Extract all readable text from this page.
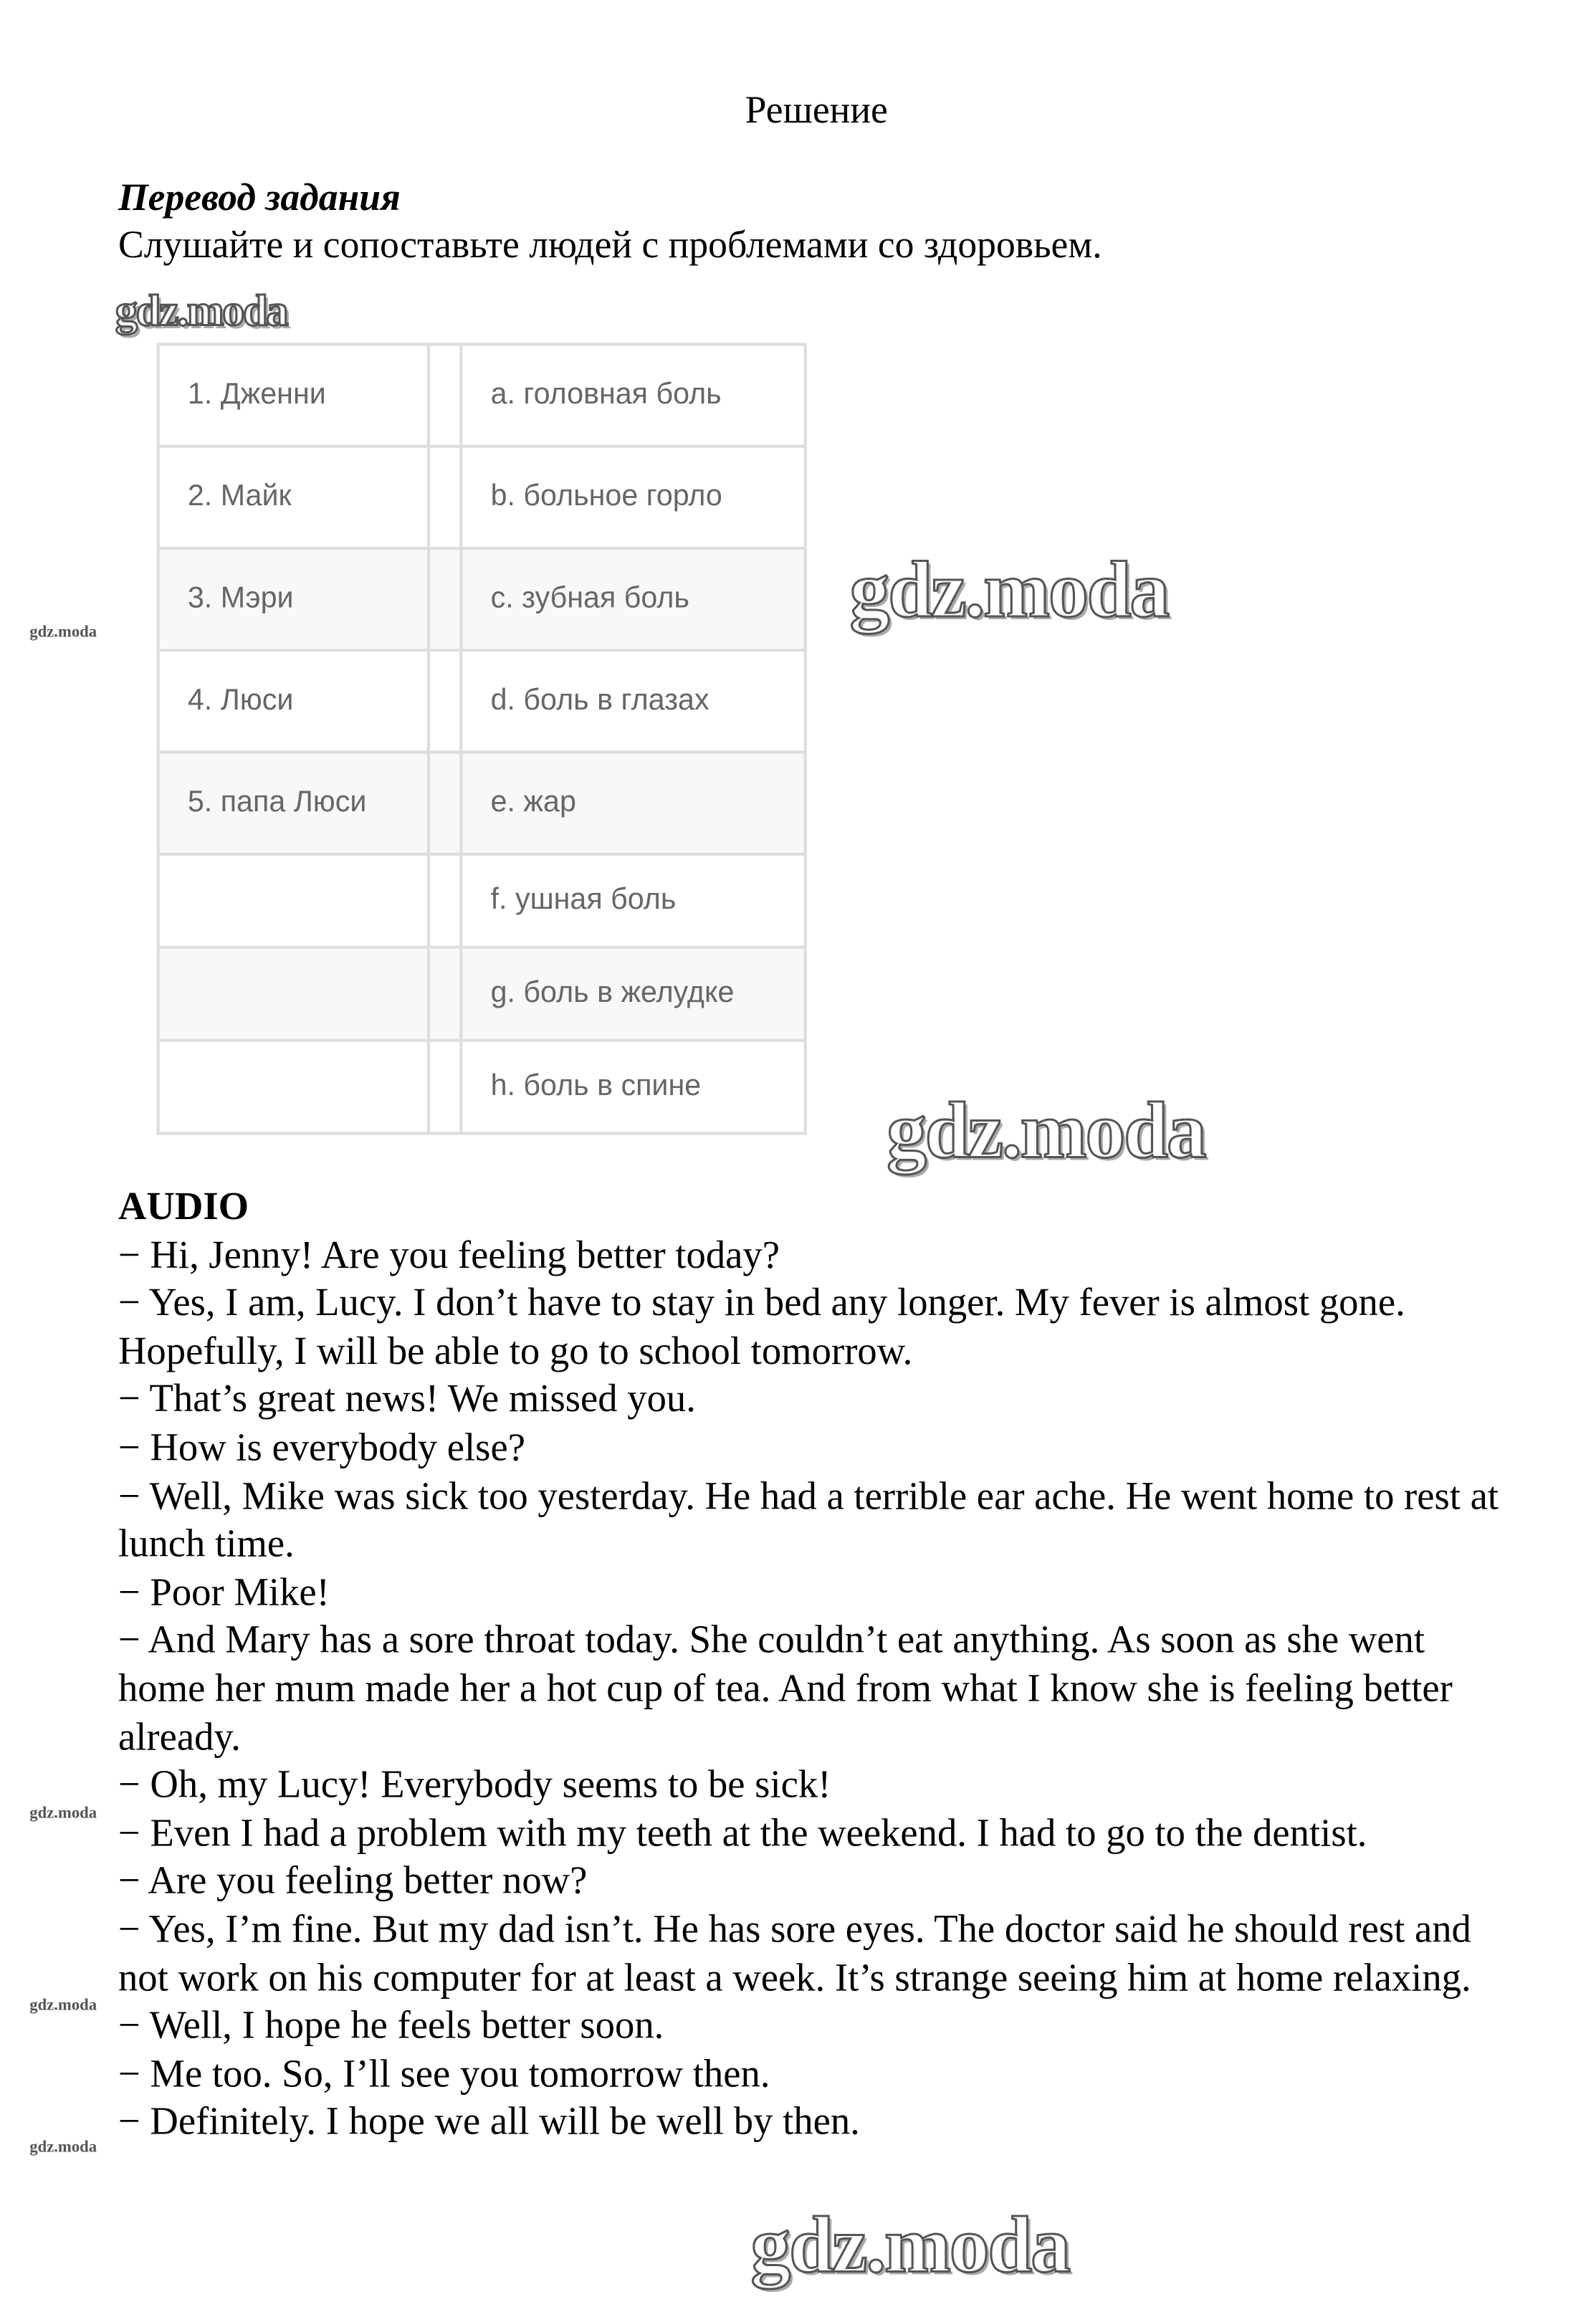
Решение
Перевод задания
Слушайте и сопоставьте людей с проблемами со здоровьем.
1. Дженни		a. головная боль
2. Майк		b. больное горло
3. Мэри		c. зубная боль
4. Люси		d. боль в глазах
5. папа Люси		e. жар
		f. ушная боль
		g. боль в желудке
		h. боль в спине
AUDIO

− Hi, Jenny! Are you feeling better today?

− Yes, I am, Lucy. I don’t have to stay in bed any longer. My fever is almost gone. Hopefully, I will be able to go to school tomorrow.

− That’s great news! We missed you.

− How is everybody else?

− Well, Mike was sick too yesterday. He had a terrible ear ache. He went home to rest at lunch time.

− Poor Mike!

− And Mary has a sore throat today. She couldn’t eat anything. As soon as she went home her mum made her a hot cup of tea. And from what I know she is feeling better already.

− Oh, my Lucy! Everybody seems to be sick!

− Even I had a problem with my teeth at the weekend. I had to go to the dentist.

− Are you feeling better now?

− Yes, I’m fine. But my dad isn’t. He has sore eyes. The doctor said he should rest and not work on his computer for at least a week. It’s strange seeing him at home relaxing.

− Well, I hope he feels better soon.

− Me too. So, I’ll see you tomorrow then.

− Definitely. I hope we all will be well by then.

gdz.moda
gdz.moda
gdz.moda
gdz.moda
gdz.moda
gdz.moda
gdz.moda
gdz.moda
